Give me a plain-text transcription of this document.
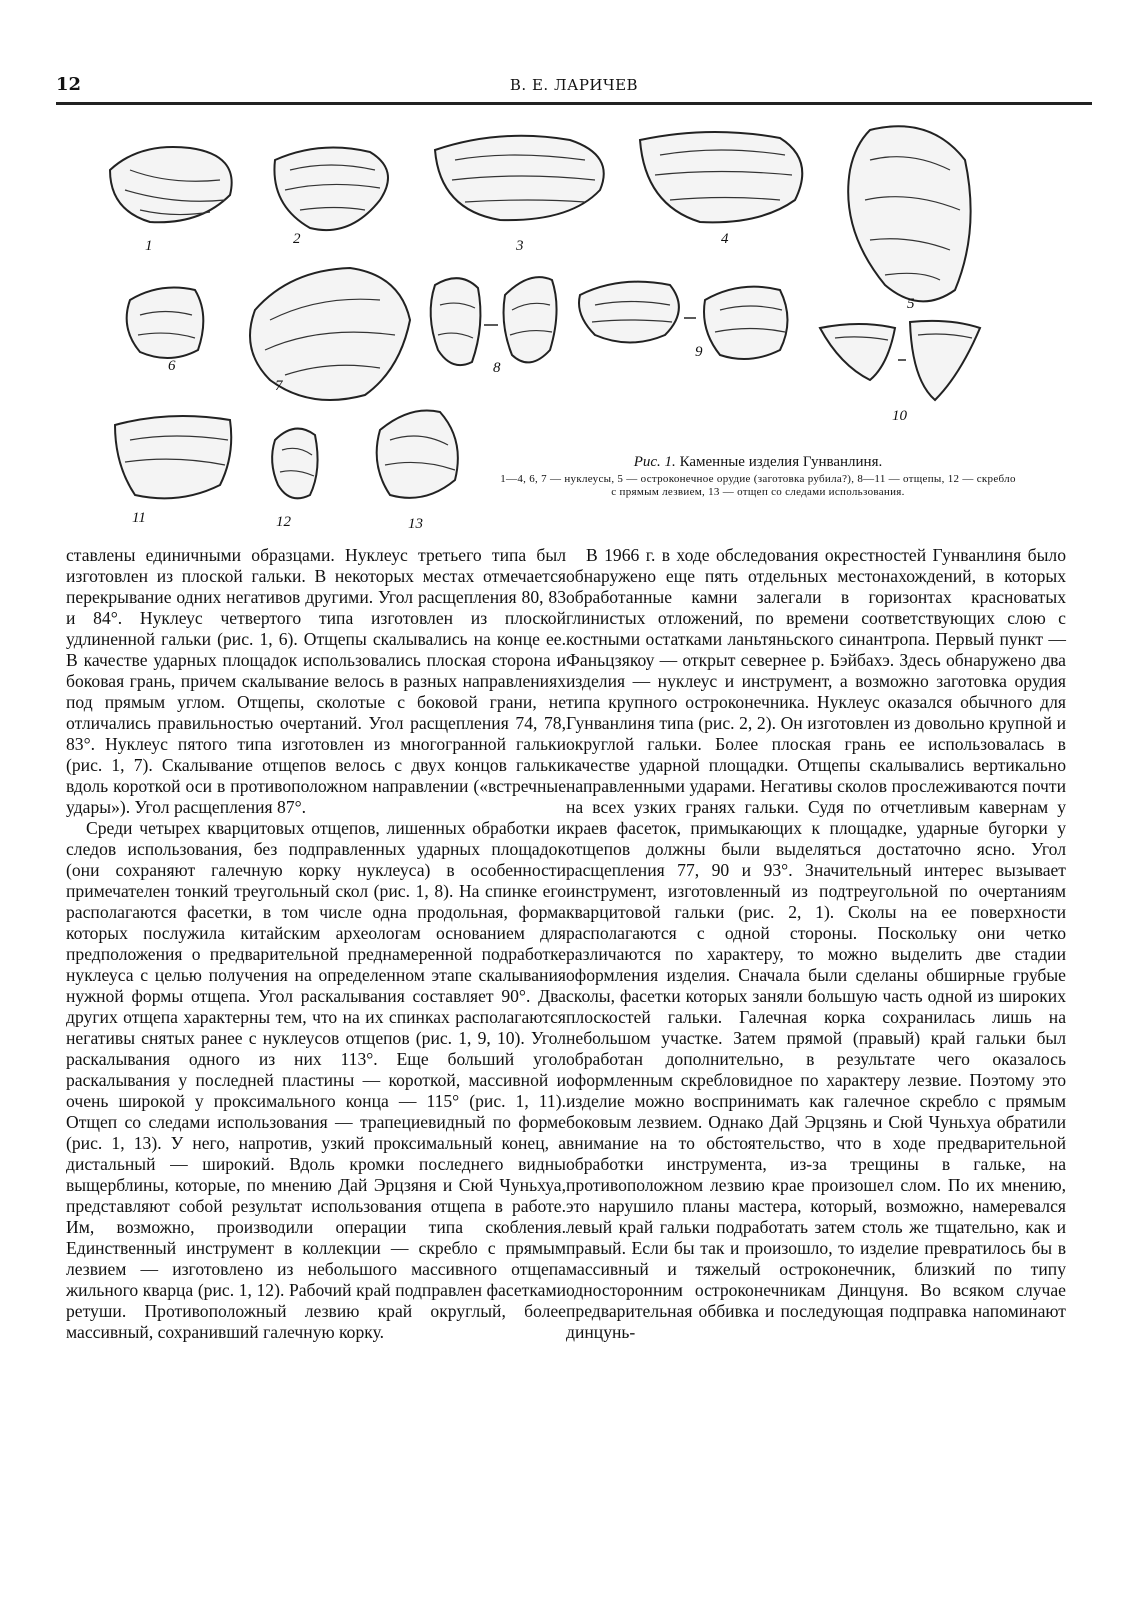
12	В. Е. ЛАРИЧЕВ
1	2	3	4
5
6
7
8
9
10
11	12	13
Рис. 1. Каменные изделия Гунванлиня.
1—4, 6, 7 — нуклеусы, 5 — остроконечное орудие (заготовка рубила?), 8—11 — отщепы, 12 — скребло с прямым лезвием, 13 — отщеп со следами использования.

ставлены единичными образцами. Нуклеус третьего типа был изготовлен из плоской гальки. В некоторых местах отмечается перекрывание одних негативов другими. Угол расщепления 80, 83 и 84°. Нуклеус четвертого типа изготовлен из плоской удлиненной гальки (рис. 1, 6). Отщепы скалывались на конце ее. В качестве ударных площадок использовались плоская сторона и боковая грань, причем скалывание велось в разных направлениях под прямым углом. Отщепы, сколотые с боковой грани, не отличались правильностью очертаний. Угол расщепления 74, 78, 83°. Нуклеус пятого типа изготовлен из многогранной гальки (рис. 1, 7). Скалывание отщепов велось с двух концов гальки вдоль короткой оси в противоположном направлении («встречные удары»). Угол расщепления 87°.

Среди четырех кварцитовых отщепов, лишенных обработки и следов использования, без подправленных ударных площадок (они сохраняют галечную корку нуклеуса) в особенности примечателен тонкий треугольный скол (рис. 1, 8). На спинке его располагаются фасетки, в том числе одна продольная, форма которых послужила китайским археологам основанием для предположения о предварительной преднамеренной подработке нуклеуса с целью получения на определенном этапе скалывания нужной формы отщепа. Угол раскалывания составляет 90°. Два других отщепа характерны тем, что на их спинках располагаются негативы снятых ранее с нуклеусов отщепов (рис. 1, 9, 10). Угол раскалывания одного из них 113°. Еще больший угол раскалывания у последней пластины — короткой, массивной и очень широкой у проксимального конца — 115° (рис. 1, 11). Отщеп со следами использования — трапециевидный по форме (рис. 1, 13). У него, напротив, узкий проксимальный конец, а дистальный — широкий. Вдоль кромки последнего видны выщерблины, которые, по мнению Дай Эрцзяня и Сюй Чуньхуа, представляют собой результат использования отщепа в работе. Им, возможно, производили операции типа скобления. Единственный инструмент в коллекции — скребло с прямым лезвием — изготовлено из небольшого массивного отщепа жильного кварца (рис. 1, 12). Рабочий край подправлен фасетками ретуши. Противоположный лезвию край округлый, более массивный, сохранивший галечную корку.

В 1966 г. в ходе обследования окрестностей Гунванлиня было обнаружено еще пять отдельных местонахождений, в которых обработанные камни залегали в горизонтах красноватых глинистых отложений, по времени соответствующих слою с костными остатками ланьтяньского синантропа. Первый пункт — Фаньцзякоу — открыт севернее р. Бэйбахэ. Здесь обнаружено два изделия — нуклеус и инструмент, а возможно заготовка орудия типа крупного остроконечника. Нуклеус оказался обычного для Гунванлиня типа (рис. 2, 2). Он изготовлен из довольно крупной и округлой гальки. Более плоская грань ее использовалась в качестве ударной площадки. Отщепы скалывались вертикально направленными ударами. Негативы сколов прослеживаются почти на всех узких гранях гальки. Судя по отчетливым кавернам у краев фасеток, примыкающих к площадке, ударные бугорки у отщепов должны были выделяться достаточно ясно. Угол расщепления 77, 90 и 93°. Значительный интерес вызывает инструмент, изготовленный из подтреугольной по очертаниям кварцитовой гальки (рис. 2, 1). Сколы на ее поверхности располагаются с одной стороны. Поскольку они четко различаются по характеру, то можно выделить две стадии оформления изделия. Сначала были сделаны обширные грубые сколы, фасетки которых заняли большую часть одной из широких плоскостей гальки. Галечная корка сохранилась лишь на небольшом участке. Затем прямой (правый) край гальки был обработан дополнительно, в результате чего оказалось оформленным скребловидное по характеру лезвие. Поэтому это изделие можно воспринимать как галечное скребло с прямым боковым лезвием. Однако Дай Эрцзянь и Сюй Чуньхуа обратили внимание на то обстоятельство, что в ходе предварительной обработки инструмента, из-за трещины в гальке, на противоположном лезвию крае произошел слом. По их мнению, это нарушило планы мастера, который, возможно, намеревался левый край гальки подработать затем столь же тщательно, как и правый. Если бы так и произошло, то изделие превратилось бы в массивный и тяжелый остроконечник, близкий по типу односторонним остроконечникам Динцуня. Во всяком случае предварительная оббивка и последующая подправка напоминают динцунь-
